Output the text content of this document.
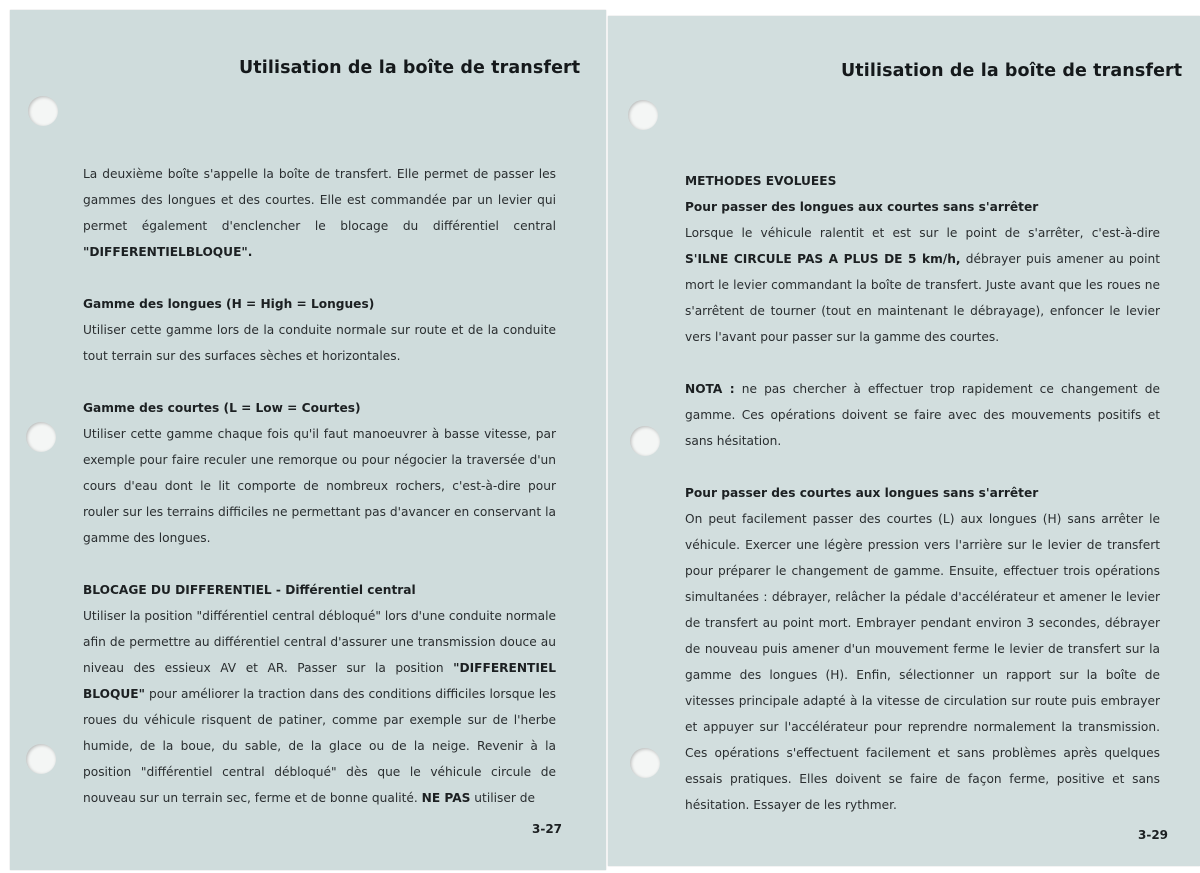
Utilisation de la boîte de transfert

La deuxième boîte s'appelle la boîte de transfert. Elle permet de passer les gammes des longues et des courtes. Elle est commandée par un levier qui permet également d'enclencher le blocage du différentiel central "DIFFERENTIELBLOQUE".

Gamme des longues (H = High = Longues)

Utiliser cette gamme lors de la conduite normale sur route et de la conduite tout terrain sur des surfaces sèches et horizontales.

Gamme des courtes (L = Low = Courtes)

Utiliser cette gamme chaque fois qu'il faut manoeuvrer à basse vitesse, par exemple pour faire reculer une remorque ou pour négocier la traversée d'un cours d'eau dont le lit comporte de nombreux rochers, c'est-à-dire pour rouler sur les terrains difficiles ne permettant pas d'avancer en conservant la gamme des longues.

BLOCAGE DU DIFFERENTIEL - Différentiel central

Utiliser la position "différentiel central débloqué" lors d'une conduite normale afin de permettre au différentiel central d'assurer une transmission douce au niveau des essieux AV et AR. Passer sur la position "DIFFERENTIEL BLOQUE" pour améliorer la traction dans des conditions difficiles lorsque les roues du véhicule risquent de patiner, comme par exemple sur de l'herbe humide, de la boue, du sable, de la glace ou de la neige. Revenir à la position "différentiel central débloqué" dès que le véhicule circule de nouveau sur un terrain sec, ferme et de bonne qualité. NE PAS utiliser de

3-27
Utilisation de la boîte de transfert

METHODES EVOLUEES

Pour passer des longues aux courtes sans s'arrêter

Lorsque le véhicule ralentit et est sur le point de s'arrêter, c'est-à-dire S'ILNE CIRCULE PAS A PLUS DE 5 km/h, débrayer puis amener au point mort le levier commandant la boîte de transfert. Juste avant que les roues ne s'arrêtent de tourner (tout en maintenant le débrayage), enfoncer le levier vers l'avant pour passer sur la gamme des courtes.

NOTA : ne pas chercher à effectuer trop rapidement ce changement de gamme. Ces opérations doivent se faire avec des mouvements positifs et sans hésitation.

Pour passer des courtes aux longues sans s'arrêter

On peut facilement passer des courtes (L) aux longues (H) sans arrêter le véhicule. Exercer une légère pression vers l'arrière sur le levier de transfert pour préparer le changement de gamme. Ensuite, effectuer trois opérations simultanées : débrayer, relâcher la pédale d'accélérateur et amener le levier de transfert au point mort. Embrayer pendant environ 3 secondes, débrayer de nouveau puis amener d'un mouvement ferme le levier de transfert sur la gamme des longues (H). Enfin, sélectionner un rapport sur la boîte de vitesses principale adapté à la vitesse de circulation sur route puis embrayer et appuyer sur l'accélérateur pour reprendre normalement la transmission. Ces opérations s'effectuent facilement et sans problèmes après quelques essais pratiques. Elles doivent se faire de façon ferme, positive et sans hésitation. Essayer de les rythmer.

3-29
